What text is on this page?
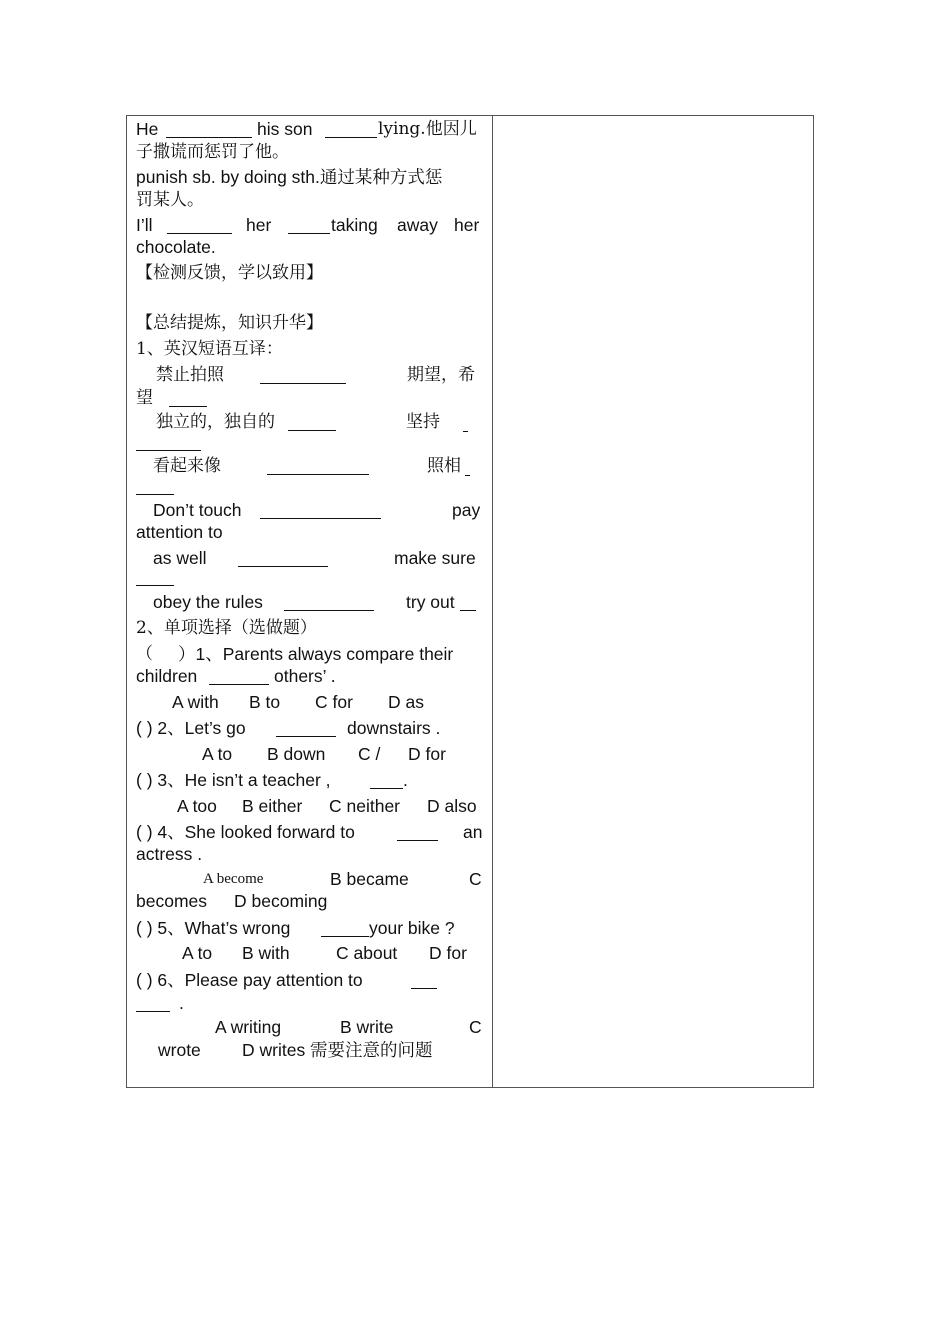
He	his son	lying.他因儿
子撒谎而惩罚了他。
punish sb. by doing sth.通过某种方式惩
罚某人。
I’ll	her	taking away her
chocolate.
【检测反馈，学以致用】
【总结提炼，知识升华】
1、英汉短语互译：
禁止拍照	期望，希
望
独立的，独自的	坚持
看起来像	照相
Don’t touch	pay
attention to
as well	make sure
obey the rules	try out
2、单项选择（选做题）
（ ）1、Parents always compare their
children	others’ .
A with B to C for D as
( ) 2、Let’s go	downstairs .
A to B down C / D for
( ) 3、He isn’t a teacher ,	.
A too B either C neither D also
( ) 4、She looked forward to	an
actress .
A become	B became	C
becomes D becoming
( ) 5、What’s wrong	your bike ?
A to B with	C about D for
( ) 6、Please pay attention to
.
A writing	B write	C
wrote D writes 需要注意的问题
